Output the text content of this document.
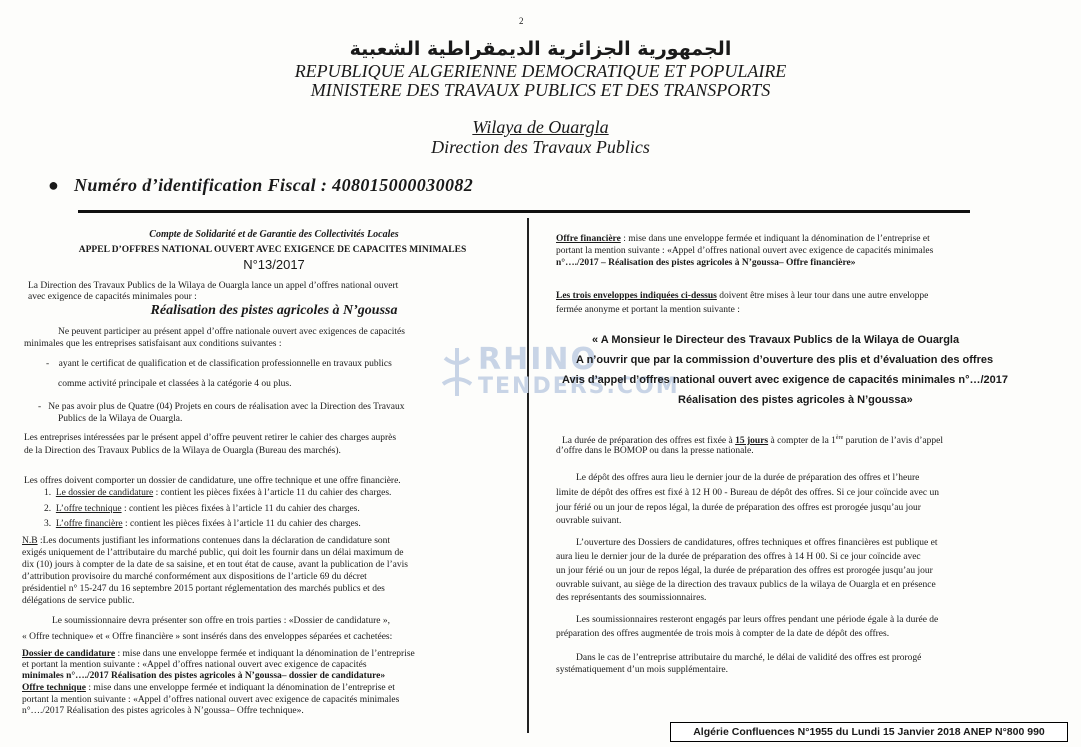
2
الجمهورية الجزائرية الديمقراطية الشعبية
REPUBLIQUE ALGERIENNE DEMOCRATIQUE ET POPULAIRE
MINISTERE DES TRAVAUX PUBLICS ET DES TRANSPORTS
Wilaya de Ouargla
Direction des Travaux Publics
●   Numéro d’identification Fiscal : 408015000030082
RHINO
TENDERS.COM
Compte de Solidarité et de Garantie des Collectivités Locales
APPEL D’OFFRES NATIONAL OUVERT AVEC EXIGENCE DE CAPACITES MINIMALES
N°13/2017
La Direction des Travaux Publics de la Wilaya de Ouargla lance un appel d’offres national ouvert
avec exigence de capacités minimales pour :
Réalisation des pistes agricoles à N’goussa
Ne peuvent participer au présent appel d’offre nationale ouvert avec exigences de capacités
minimales que les entreprises satisfaisant aux conditions suivantes :
-    ayant le certificat de qualification et de classification professionnelle en travaux publics
comme activité principale et classées à la catégorie 4 ou plus.
-   Ne pas avoir plus de Quatre (04) Projets en cours de réalisation avec la Direction des Travaux
Publics de la Wilaya de Ouargla.
Les entreprises intéressées par le présent appel d’offre peuvent retirer le cahier des charges auprès
de la Direction des Travaux Publics de la Wilaya de Ouargla (Bureau des marchés).
Les offres doivent comporter un dossier de candidature, une offre technique et une offre financière.
1.  Le dossier de candidature : contient les pièces fixées à l’article 11 du cahier des charges.
2.  L’offre technique : contient les pièces fixées à l’article 11 du cahier des charges.
3.  L’offre financière : contient les pièces fixées à l’article 11 du cahier des charges.
N.B :Les documents justifiant les informations contenues dans la déclaration de candidature sont
exigés uniquement de l’attributaire du marché public, qui doit les fournir dans un délai maximum de
dix (10) jours à compter de la date de sa saisine, et en tout état de cause, avant la publication de l’avis
d’attribution provisoire du marché conformément aux dispositions de l’article 69 du décret
présidentiel n° 15-247 du 16 septembre 2015 portant réglementation des marchés publics et des
délégations de service public.
Le soumissionnaire devra présenter son offre en trois parties : «Dossier de candidature »,
« Offre technique» et « Offre financière » sont insérés dans des enveloppes séparées et cachetées:
Dossier de candidature : mise dans une enveloppe fermée et indiquant la dénomination de l’entreprise
et portant la mention suivante : «Appel d’offres national ouvert avec exigence de capacités
minimales n°…./2017 Réalisation des pistes agricoles à N’goussa– dossier de candidature»
Offre technique : mise dans une enveloppe fermée et indiquant la dénomination de l’entreprise et
portant la mention suivante : «Appel d’offres national ouvert avec exigence de capacités minimales
n°…./2017 Réalisation des pistes agricoles à N’goussa– Offre technique».
Offre financière : mise dans une enveloppe fermée et indiquant la dénomination de l’entreprise et
portant la mention suivante : «Appel d’offres national ouvert avec exigence de capacités minimales
n°…./2017 – Réalisation des pistes agricoles à N’goussa– Offre financière»
Les trois enveloppes indiquées ci-dessus doivent être mises à leur tour dans une autre enveloppe
fermée anonyme et portant la mention suivante :
« A Monsieur le Directeur des Travaux Publics de la Wilaya de Ouargla
A n’ouvrir que par la commission d’ouverture des plis et d’évaluation des offres
Avis d’appel d’offres national ouvert avec exigence de capacités minimales n°…/2017
Réalisation des pistes agricoles à N’goussa»
La durée de préparation des offres est fixée à 15 jours à compter de la 1ère parution de l’avis d’appel
d’offre dans le BOMOP ou dans la presse nationale.
Le dépôt des offres aura lieu le dernier jour de la durée de préparation des offres et l’heure
limite de dépôt des offres est fixé à 12 H 00 - Bureau de dépôt des offres. Si ce jour coïncide avec un
jour férié ou un jour de repos légal, la durée de préparation des offres est prorogée jusqu’au jour
ouvrable suivant.
L’ouverture des Dossiers de candidatures, offres techniques et offres financières est publique et
aura lieu le dernier jour de la durée de préparation des offres à 14 H 00. Si ce jour coïncide avec
un jour férié ou un jour de repos légal, la durée de préparation des offres est prorogée jusqu’au jour
ouvrable suivant, au siège de la direction des travaux publics de la wilaya de Ouargla et en présence
des représentants des soumissionnaires.
Les soumissionnaires resteront engagés par leurs offres pendant une période égale à la durée de
préparation des offres augmentée de trois mois à compter de la date de dépôt des offres.
Dans le cas de l’entreprise attributaire du marché, le délai de validité des offres est prorogé
systématiquement d’un mois supplémentaire.
Algérie Confluences N°1955 du Lundi 15 Janvier 2018 ANEP N°800 990
